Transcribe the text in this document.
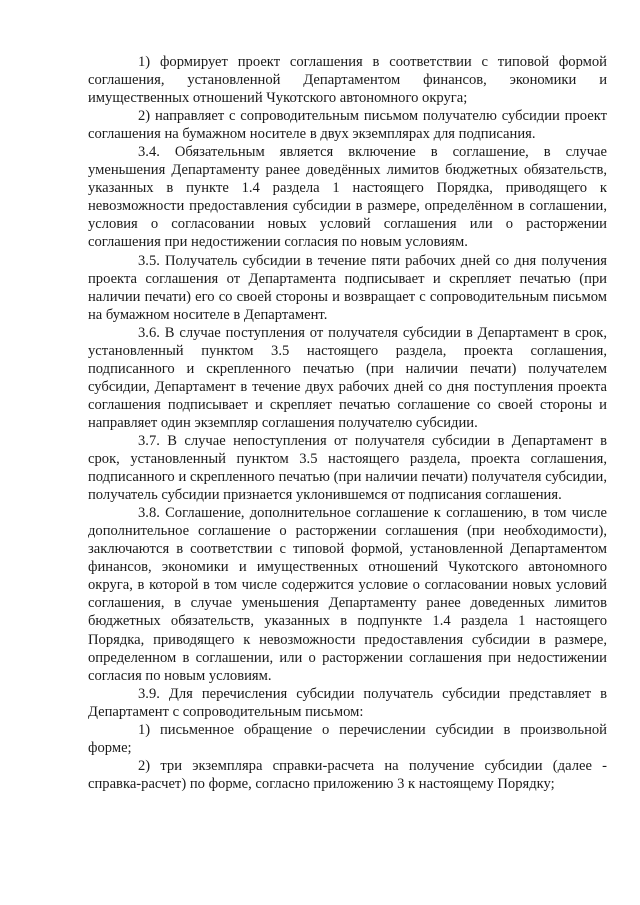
1) формирует проект соглашения в соответствии с типовой формой соглашения, установленной Департаментом финансов, экономики и имущественных отношений Чукотского автономного округа;

2) направляет с сопроводительным письмом получателю субсидии проект соглашения на бумажном носителе в двух экземплярах для подписания.

3.4. Обязательным является включение в соглашение, в случае уменьшения Департаменту ранее доведённых лимитов бюджетных обязательств, указанных в пункте 1.4 раздела 1 настоящего Порядка, приводящего к невозможности предоставления субсидии в размере, определённом в соглашении, условия о согласовании новых условий соглашения или о расторжении соглашения при недостижении согласия по новым условиям.

3.5. Получатель субсидии в течение пяти рабочих дней со дня получения проекта соглашения от Департамента подписывает и скрепляет печатью (при наличии печати) его со своей стороны и возвращает с сопроводительным письмом на бумажном носителе в Департамент.

3.6. В случае поступления от получателя субсидии в Департамент в срок, установленный пунктом 3.5 настоящего раздела, проекта соглашения, подписанного и скрепленного печатью (при наличии печати) получателем субсидии, Департамент в течение двух рабочих дней со дня поступления проекта соглашения подписывает и скрепляет печатью соглашение со своей стороны и направляет один экземпляр соглашения получателю субсидии.

3.7. В случае непоступления от получателя субсидии в Департамент в срок, установленный пунктом 3.5 настоящего раздела, проекта соглашения, подписанного и скрепленного печатью (при наличии печати) получателя субсидии, получатель субсидии признается уклонившемся от подписания соглашения.

3.8. Соглашение, дополнительное соглашение к соглашению, в том числе дополнительное соглашение о расторжении соглашения (при необходимости), заключаются в соответствии с типовой формой, установленной Департаментом финансов, экономики и имущественных отношений Чукотского автономного округа, в которой в том числе содержится условие о согласовании новых условий соглашения, в случае уменьшения Департаменту ранее доведенных лимитов бюджетных обязательств, указанных в подпункте 1.4 раздела 1 настоящего Порядка, приводящего к невозможности предоставления субсидии в размере, определенном в соглашении, или о расторжении соглашения при недостижении согласия по новым условиям.

3.9. Для перечисления субсидии получатель субсидии представляет в Департамент с сопроводительным письмом:

1) письменное обращение о перечислении субсидии в произвольной форме;

2) три экземпляра справки-расчета на получение субсидии (далее - справка-расчет) по форме, согласно приложению 3 к настоящему Порядку;
